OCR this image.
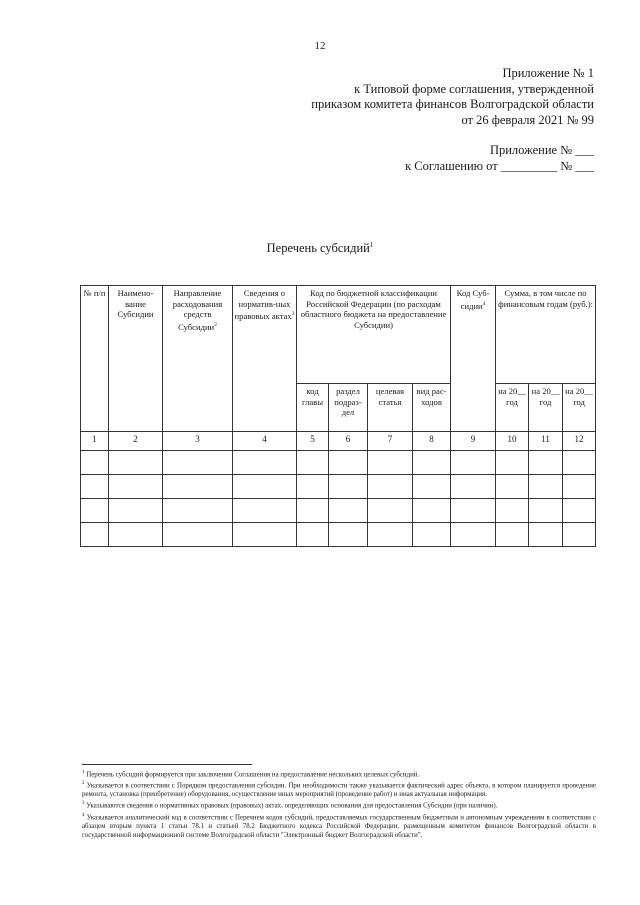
12
Приложение № 1
к Типовой форме соглашения, утвержденной
приказом комитета финансов Волгоградской области
от 26 февраля 2021 № 99
Приложение № ___
к Соглашению от _________ № ___
Перечень субсидий$^1$
№ п/п	Наимено-вание Субсидии	Направление расходования средств Субсидии$^2$	Сведения о норматив-ных правовых актах$^3$	Код по бюджетной классификации Российской Федерации (по расходам областного бюджета на предоставление Субсидии)				Код Суб-сидии$^4$	Сумма, в том числе по финансовым годам (руб.):		
				код главы	раздел подраз-дел	целевая статья	вид рас-ходов		на 20__ год	на 20__ год	на 20__ год
1	2	3	4	5	6	7	8	9	10	11	12

$^1$ Перечень субсидий формируется при заключении Соглашения на предоставление нескольких целевых субсидий.

$^2$ Указывается в соответствии с Порядком предоставления субсидии. При необходимости также указывается фактический адрес объекта, в котором планируется проведение ремонта, установка (приобретение) оборудования, осуществление иных мероприятий (проведение работ) и иная актуальная информация.

$^3$ Указываются сведения о нормативных правовых (правовых) актах, определяющих основания для предоставления Субсидии (при наличии).

$^4$ Указывается аналитический код в соответствии с Перечнем кодов субсидий, предоставляемых государственным бюджетным и автономным учреждениям в соответствии с абзацем вторым пункта 1 статьи 78.1 и статьей 78.2 Бюджетного кодекса Российской Федерации, размещенным комитетом финансов Волгоградской области в государственной информационной системе Волгоградской области "Электронный бюджет Волгоградской области".
